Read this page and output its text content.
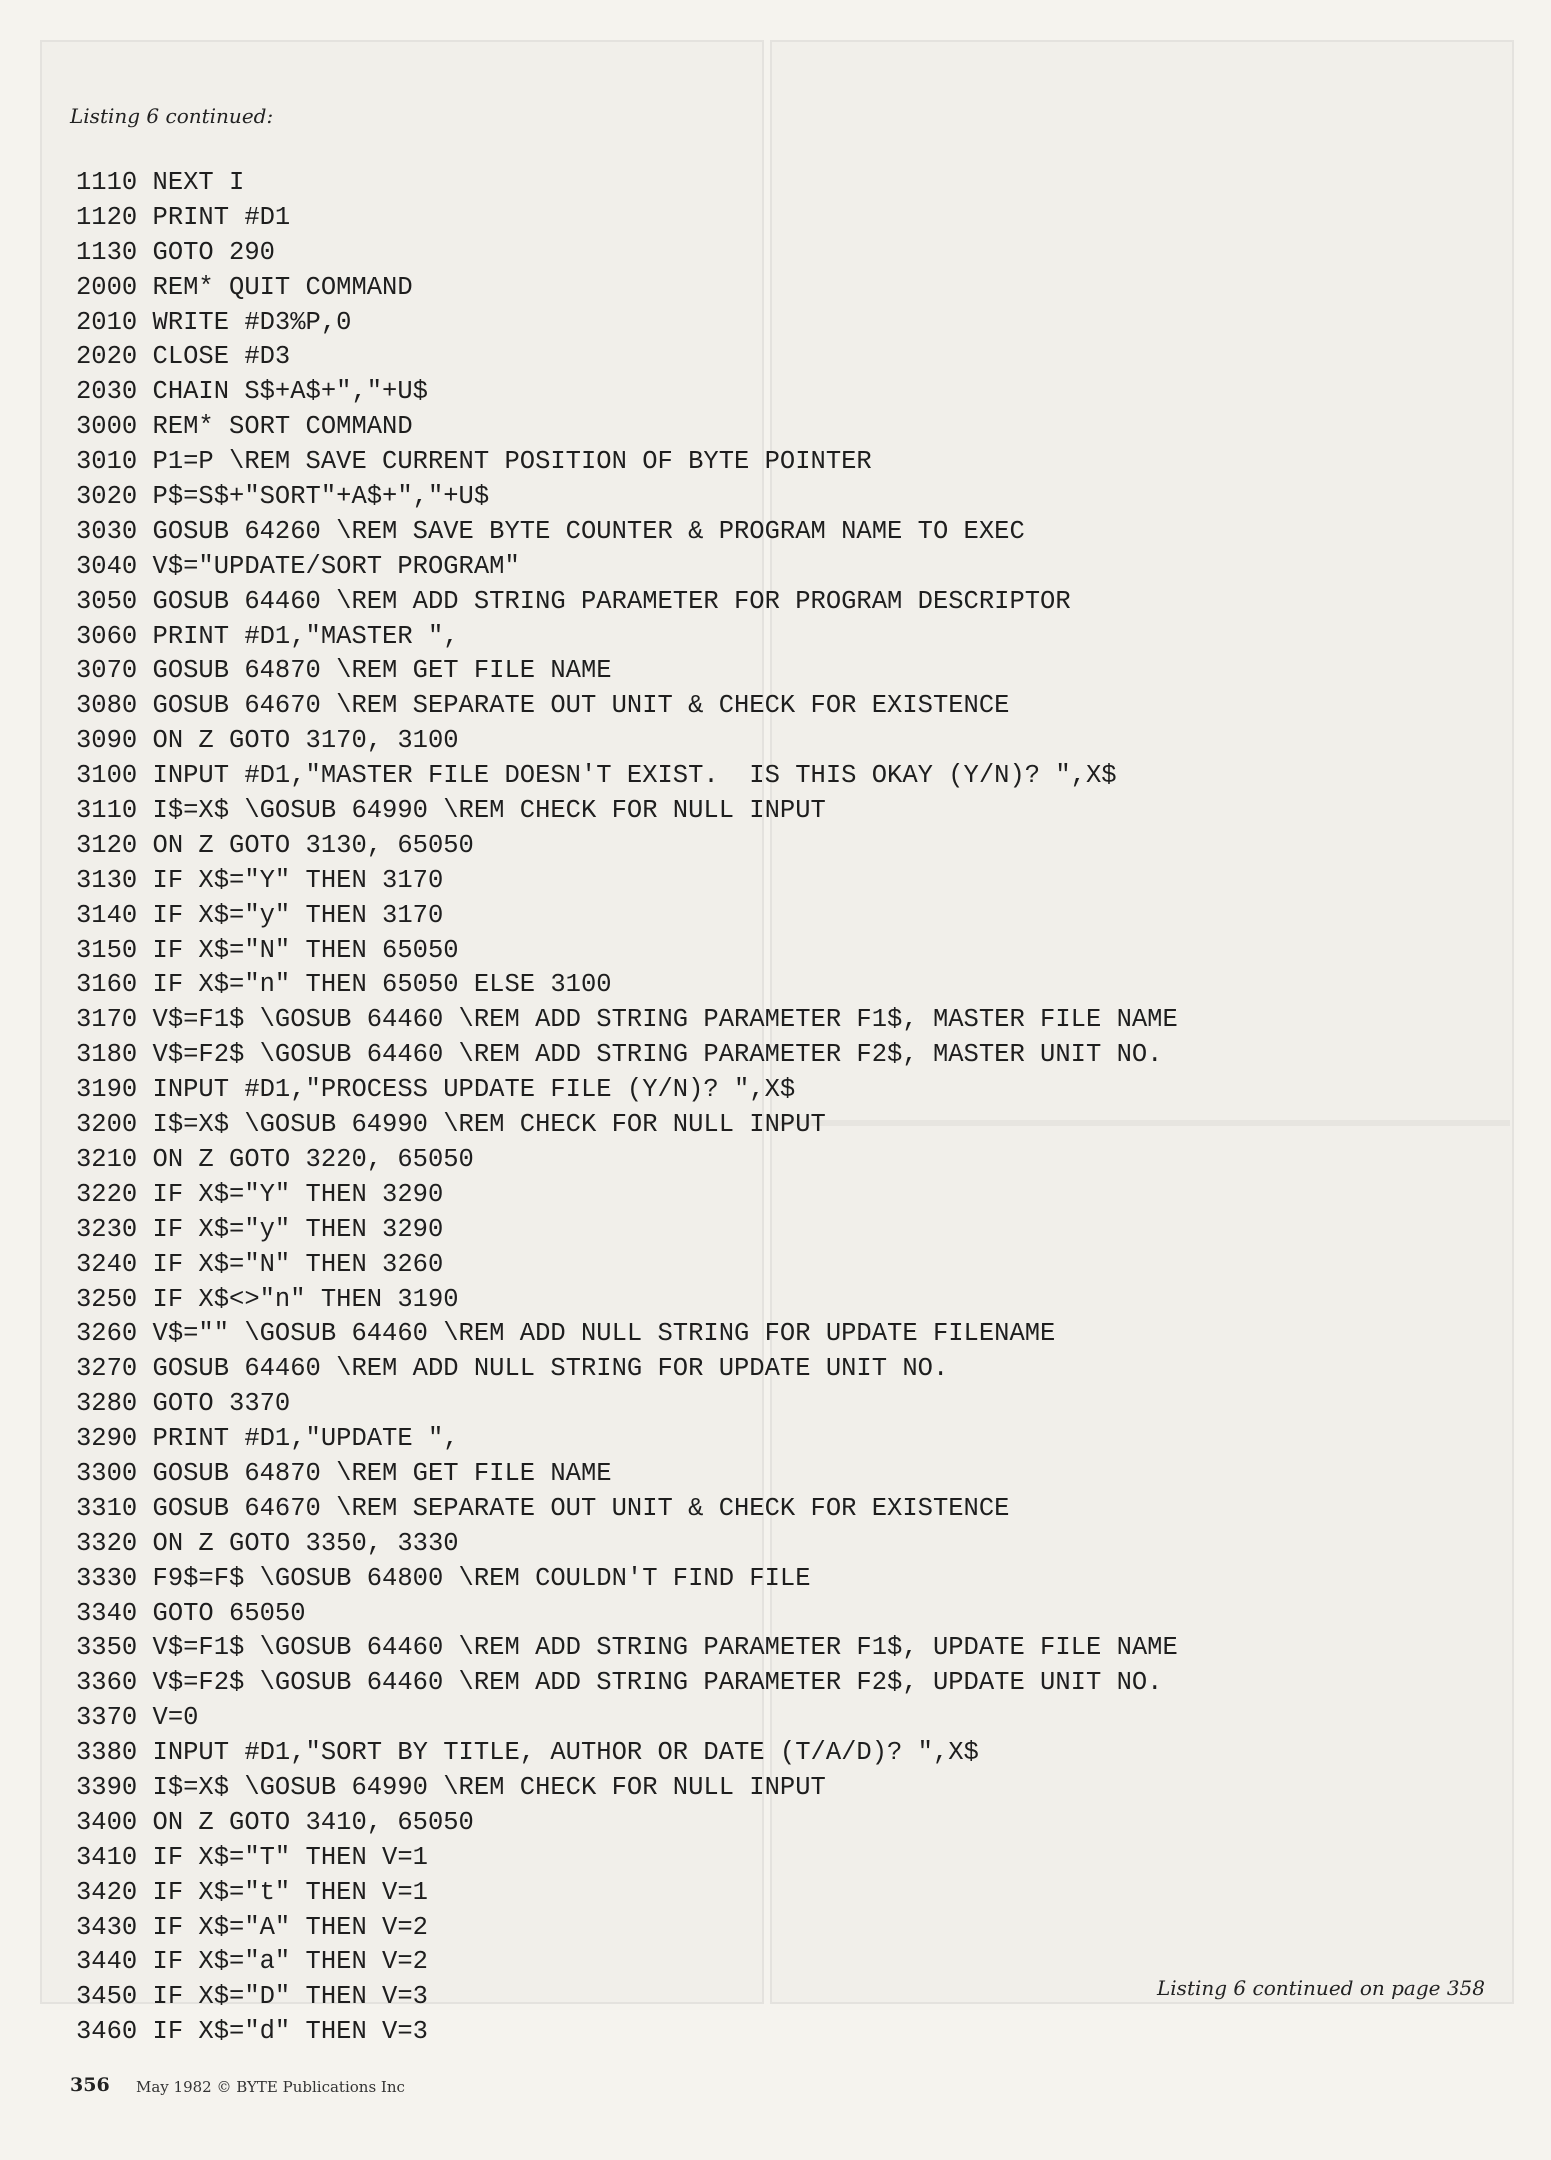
Listing 6 continued:
1110 NEXT I
1120 PRINT #D1
1130 GOTO 290
2000 REM* QUIT COMMAND
2010 WRITE #D3%P,0
2020 CLOSE #D3
2030 CHAIN S$+A$+","+U$
3000 REM* SORT COMMAND
3010 P1=P \REM SAVE CURRENT POSITION OF BYTE POINTER
3020 P$=S$+"SORT"+A$+","+U$
3030 GOSUB 64260 \REM SAVE BYTE COUNTER & PROGRAM NAME TO EXEC
3040 V$="UPDATE/SORT PROGRAM"
3050 GOSUB 64460 \REM ADD STRING PARAMETER FOR PROGRAM DESCRIPTOR
3060 PRINT #D1,"MASTER ",
3070 GOSUB 64870 \REM GET FILE NAME
3080 GOSUB 64670 \REM SEPARATE OUT UNIT & CHECK FOR EXISTENCE
3090 ON Z GOTO 3170, 3100
3100 INPUT #D1,"MASTER FILE DOESN'T EXIST.  IS THIS OKAY (Y/N)? ",X$
3110 I$=X$ \GOSUB 64990 \REM CHECK FOR NULL INPUT
3120 ON Z GOTO 3130, 65050
3130 IF X$="Y" THEN 3170
3140 IF X$="y" THEN 3170
3150 IF X$="N" THEN 65050
3160 IF X$="n" THEN 65050 ELSE 3100
3170 V$=F1$ \GOSUB 64460 \REM ADD STRING PARAMETER F1$, MASTER FILE NAME
3180 V$=F2$ \GOSUB 64460 \REM ADD STRING PARAMETER F2$, MASTER UNIT NO.
3190 INPUT #D1,"PROCESS UPDATE FILE (Y/N)? ",X$
3200 I$=X$ \GOSUB 64990 \REM CHECK FOR NULL INPUT
3210 ON Z GOTO 3220, 65050
3220 IF X$="Y" THEN 3290
3230 IF X$="y" THEN 3290
3240 IF X$="N" THEN 3260
3250 IF X$<>"n" THEN 3190
3260 V$="" \GOSUB 64460 \REM ADD NULL STRING FOR UPDATE FILENAME
3270 GOSUB 64460 \REM ADD NULL STRING FOR UPDATE UNIT NO.
3280 GOTO 3370
3290 PRINT #D1,"UPDATE ",
3300 GOSUB 64870 \REM GET FILE NAME
3310 GOSUB 64670 \REM SEPARATE OUT UNIT & CHECK FOR EXISTENCE
3320 ON Z GOTO 3350, 3330
3330 F9$=F$ \GOSUB 64800 \REM COULDN'T FIND FILE
3340 GOTO 65050
3350 V$=F1$ \GOSUB 64460 \REM ADD STRING PARAMETER F1$, UPDATE FILE NAME
3360 V$=F2$ \GOSUB 64460 \REM ADD STRING PARAMETER F2$, UPDATE UNIT NO.
3370 V=0
3380 INPUT #D1,"SORT BY TITLE, AUTHOR OR DATE (T/A/D)? ",X$
3390 I$=X$ \GOSUB 64990 \REM CHECK FOR NULL INPUT
3400 ON Z GOTO 3410, 65050
3410 IF X$="T" THEN V=1
3420 IF X$="t" THEN V=1
3430 IF X$="A" THEN V=2
3440 IF X$="a" THEN V=2
3450 IF X$="D" THEN V=3
3460 IF X$="d" THEN V=3
Listing 6 continued on page 358
356 May 1982 © BYTE Publications Inc
